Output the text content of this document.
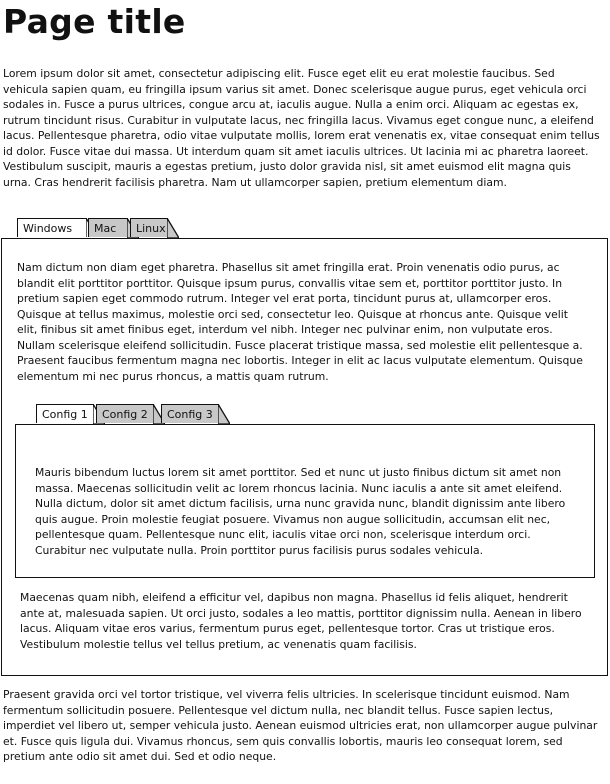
Page title

Lorem ipsum dolor sit amet, consectetur adipiscing elit. Fusce eget elit eu erat molestie faucibus. Sed vehicula sapien quam, eu fringilla ipsum varius sit amet. Donec scelerisque augue purus, eget vehicula orci sodales in. Fusce a purus ultrices, congue arcu at, iaculis augue. Nulla a enim orci. Aliquam ac egestas ex, rutrum tincidunt risus. Curabitur in vulputate lacus, nec fringilla lacus. Vivamus eget congue nunc, a eleifend lacus. Pellentesque pharetra, odio vitae vulputate mollis, lorem erat venenatis ex, vitae consequat enim tellus id dolor. Fusce vitae dui massa. Ut interdum quam sit amet iaculis ultrices. Ut lacinia mi ac pharetra laoreet. Vestibulum suscipit, mauris a egestas pretium, justo dolor gravida nisl, sit amet euismod elit magna quis urna. Cras hendrerit facilisis pharetra. Nam ut ullamcorper sapien, pretium elementum diam.

Windows	Mac	Linux

Nam dictum non diam eget pharetra. Phasellus sit amet fringilla erat. Proin venenatis odio purus, ac blandit elit porttitor porttitor. Quisque ipsum purus, convallis vitae sem et, porttitor porttitor justo. In pretium sapien eget commodo rutrum. Integer vel erat porta, tincidunt purus at, ullamcorper eros. Quisque at tellus maximus, molestie orci sed, consectetur leo. Quisque at rhoncus ante. Quisque velit elit, finibus sit amet finibus eget, interdum vel nibh. Integer nec pulvinar enim, non vulputate eros. Nullam scelerisque eleifend sollicitudin. Fusce placerat tristique massa, sed molestie elit pellentesque a. Praesent faucibus fermentum magna nec lobortis. Integer in elit ac lacus vulputate elementum. Quisque elementum mi nec purus rhoncus, a mattis quam rutrum.

Config 1	Config 2	Config 3

Mauris bibendum luctus lorem sit amet porttitor. Sed et nunc ut justo finibus dictum sit amet non massa. Maecenas sollicitudin velit ac lorem rhoncus lacinia. Nunc iaculis a ante sit amet eleifend. Nulla dictum, dolor sit amet dictum facilisis, urna nunc gravida nunc, blandit dignissim ante libero quis augue. Proin molestie feugiat posuere. Vivamus non augue sollicitudin, accumsan elit nec, pellentesque quam. Pellentesque nunc elit, iaculis vitae orci non, scelerisque interdum orci. Curabitur nec vulputate nulla. Proin porttitor purus facilisis purus sodales vehicula.

Maecenas quam nibh, eleifend a efficitur vel, dapibus non magna. Phasellus id felis aliquet, hendrerit ante at, malesuada sapien. Ut orci justo, sodales a leo mattis, porttitor dignissim nulla. Aenean in libero lacus. Aliquam vitae eros varius, fermentum purus eget, pellentesque tortor. Cras ut tristique eros. Vestibulum molestie tellus vel tellus pretium, ac venenatis quam facilisis.

Praesent gravida orci vel tortor tristique, vel viverra felis ultricies. In scelerisque tincidunt euismod. Nam fermentum sollicitudin posuere. Pellentesque vel dictum nulla, nec blandit tellus. Fusce sapien lectus, imperdiet vel libero ut, semper vehicula justo. Aenean euismod ultricies erat, non ullamcorper augue pulvinar et. Fusce quis ligula dui. Vivamus rhoncus, sem quis convallis lobortis, mauris leo consequat lorem, sed pretium ante odio sit amet dui. Sed et odio neque.
